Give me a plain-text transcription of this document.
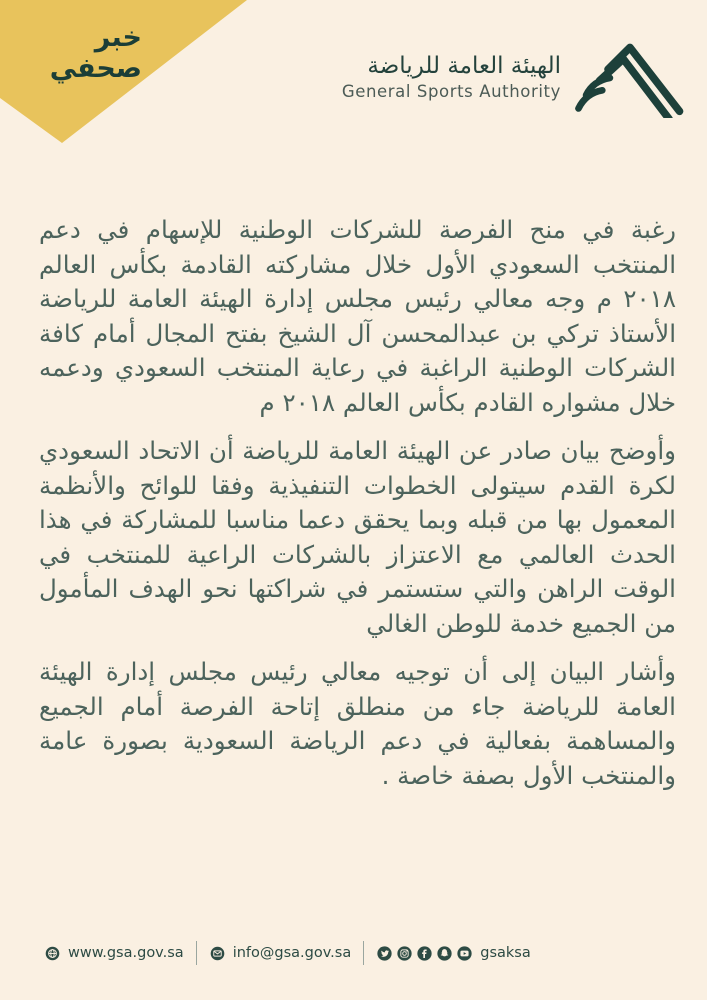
خبر
صحفي	الهيئة العامة للرياضة
General Sports Authority

رغبة في منح الفرصة للشركات الوطنية للإسهام في دعم المنتخب السعودي الأول خلال مشاركته القادمة بكأس العالم ٢٠١٨ م وجه معالي رئيس مجلس إدارة الهيئة العامة للرياضة الأستاذ تركي بن عبدالمحسن آل الشيخ بفتح المجال أمام كافة الشركات الوطنية الراغبة في رعاية المنتخب السعودي ودعمه خلال مشواره القادم بكأس العالم ٢٠١٨ م

وأوضح بيان صادر عن الهيئة العامة للرياضة أن الاتحاد السعودي لكرة القدم سيتولى الخطوات التنفيذية وفقا للوائح والأنظمة المعمول بها من قبله وبما يحقق دعما مناسبا للمشاركة في هذا الحدث العالمي مع الاعتزاز بالشركات الراعية للمنتخب في الوقت الراهن والتي ستستمر في شراكتها نحو الهدف المأمول من الجميع خدمة للوطن الغالي

وأشار البيان إلى أن توجيه معالي رئيس مجلس إدارة الهيئة العامة للرياضة جاء من منطلق إتاحة الفرصة أمام الجميع والمساهمة بفعالية في دعم الرياضة السعودية بصورة عامة والمنتخب الأول بصفة خاصة .

www.gsa.gov.sa	info@gsa.gov.sa	gsaksa
